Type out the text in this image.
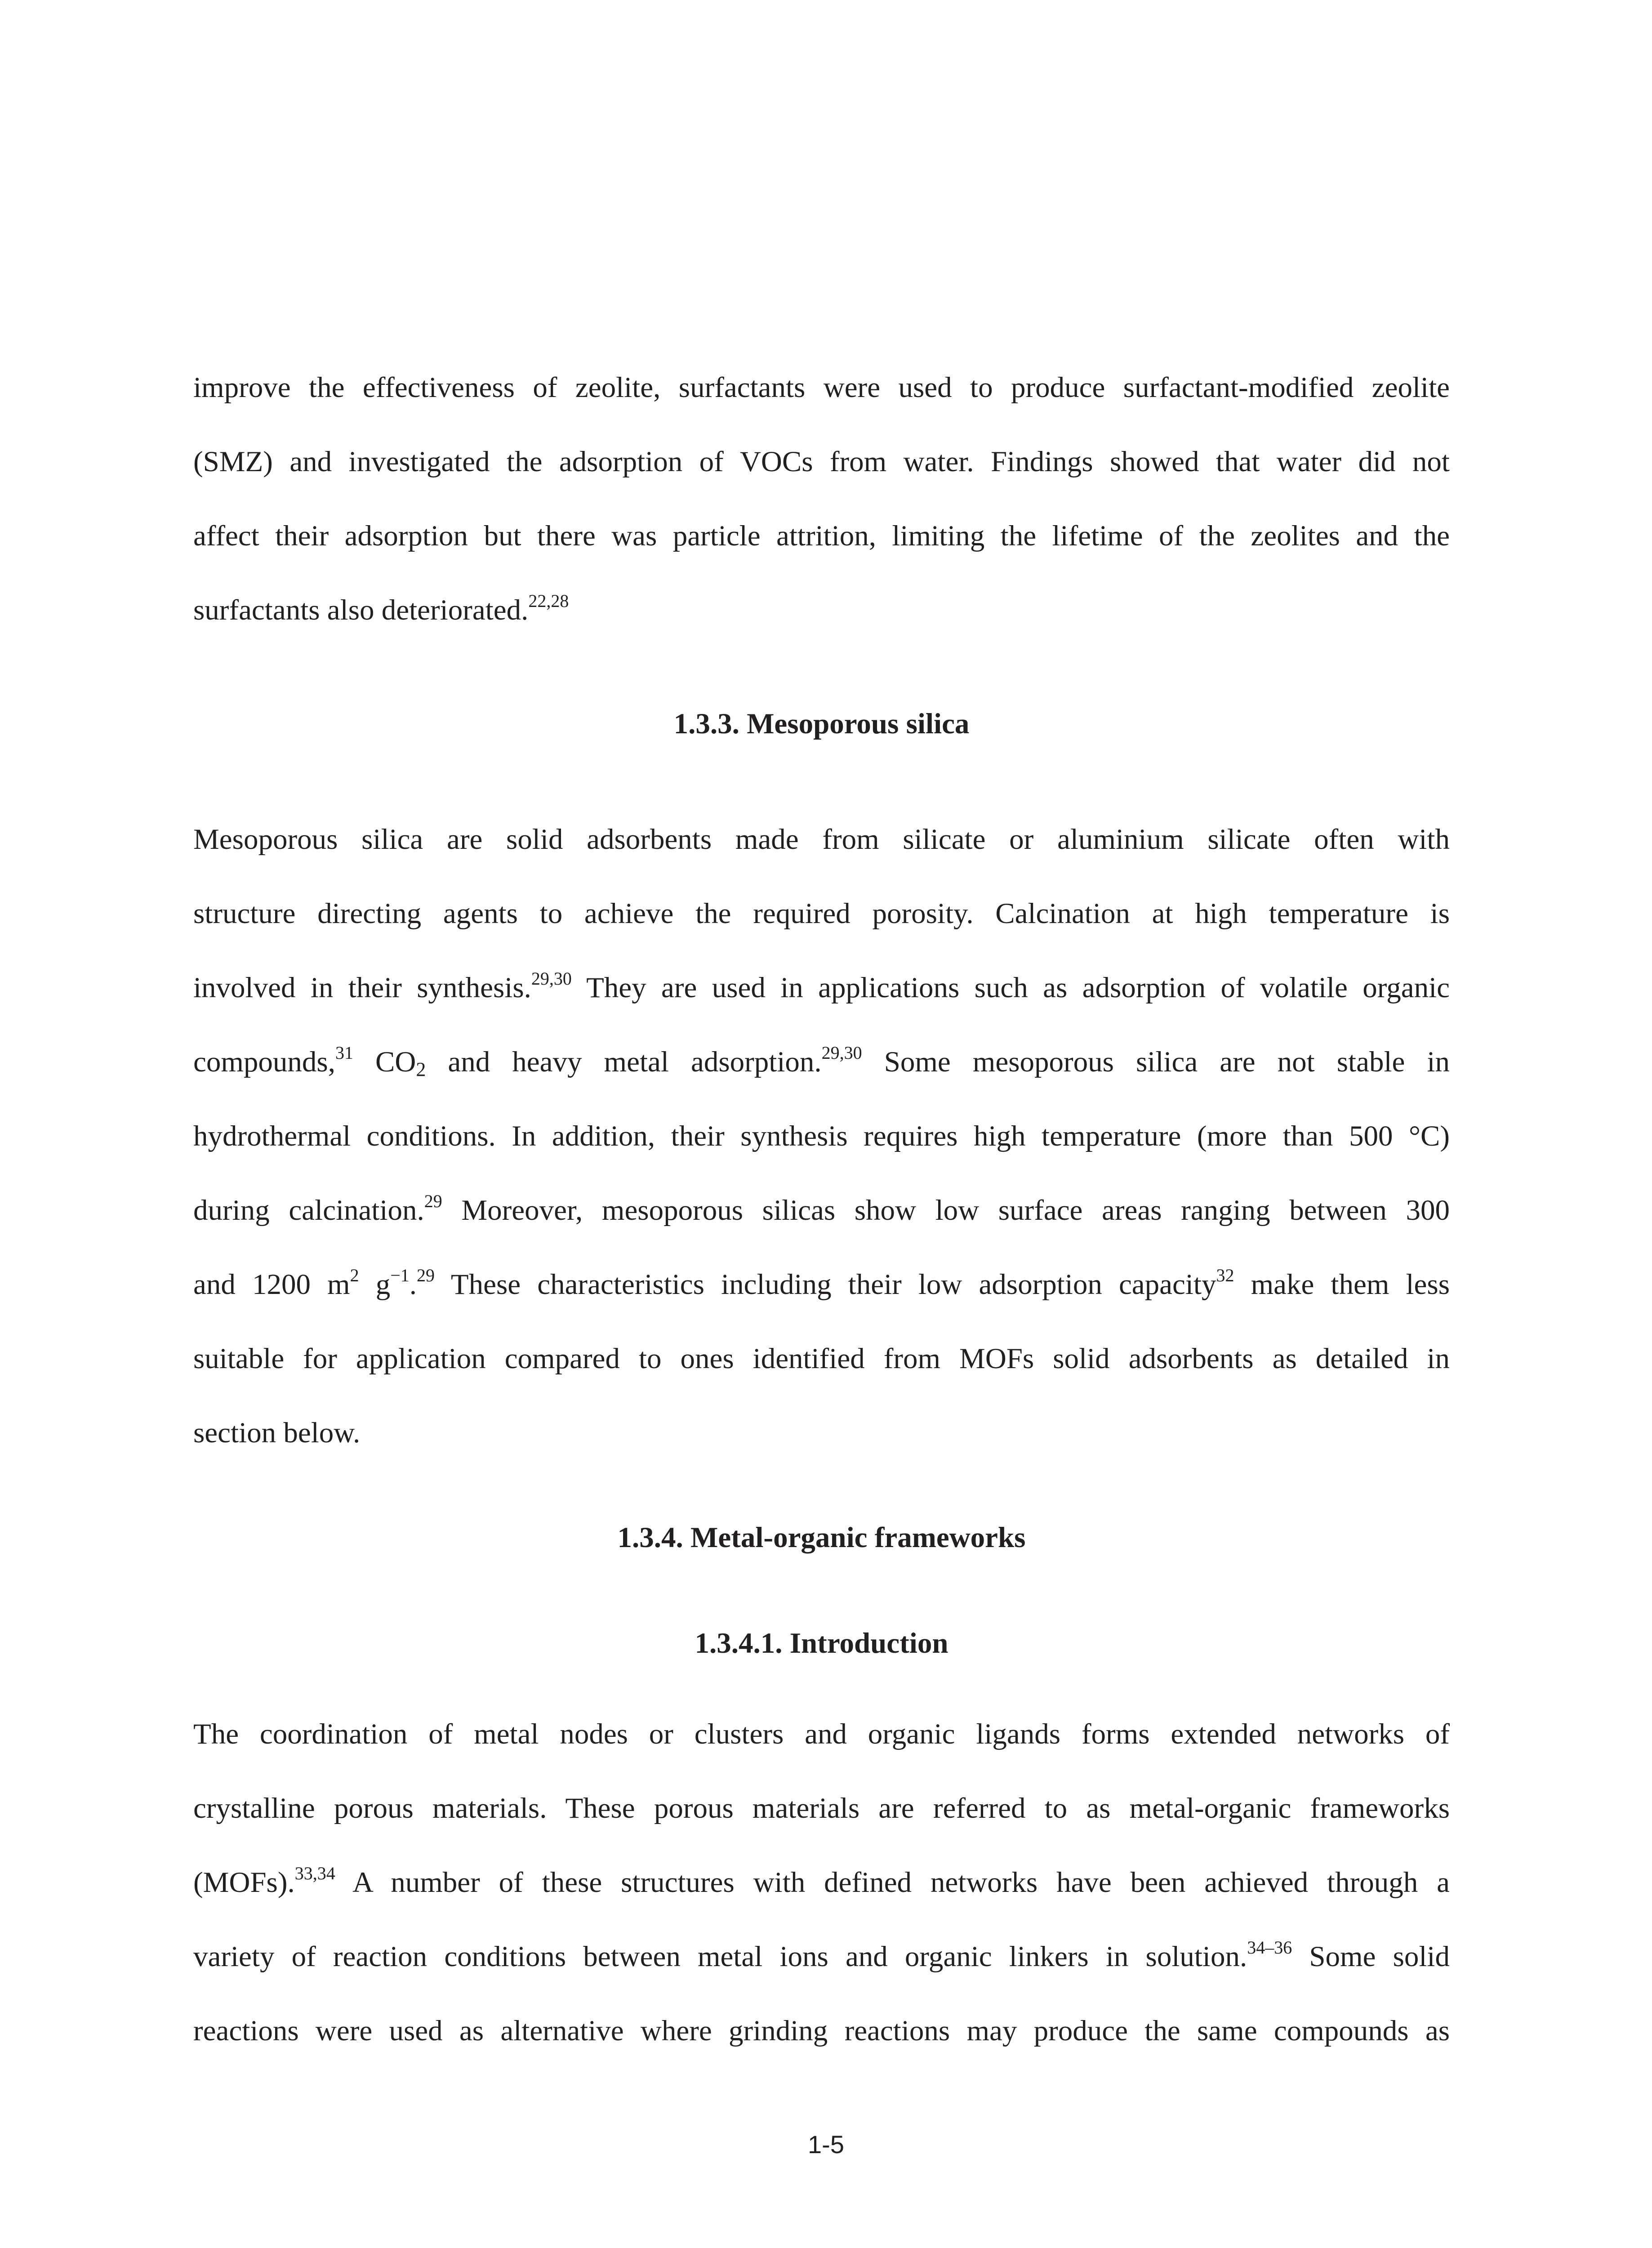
improve the effectiveness of zeolite, surfactants were used to produce surfactant-modified zeolite
(SMZ) and investigated the adsorption of VOCs from water. Findings showed that water did not
affect their adsorption but there was particle attrition, limiting the lifetime of the zeolites and the
surfactants also deteriorated.$^{22,28}$
1.3.3. Mesoporous silica
Mesoporous silica are solid adsorbents made from silicate or aluminium silicate often with
structure directing agents to achieve the required porosity. Calcination at high temperature is
involved in their synthesis.$^{29,30}$ They are used in applications such as adsorption of volatile organic
compounds,$^{31}$ $CO_2$ and heavy metal adsorption.$^{29,30}$ Some mesoporous silica are not stable in
hydrothermal conditions. In addition, their synthesis requires high temperature (more than 500 °C)
during calcination.$^{29}$ Moreover, mesoporous silicas show low surface areas ranging between 300
and 1200 $m^2$ $g^{-1}.^{29}$ These characteristics including their low adsorption capacity$^{32}$ make them less
suitable for application compared to ones identified from MOFs solid adsorbents as detailed in
section below.
1.3.4. Metal-organic frameworks
1.3.4.1. Introduction
The coordination of metal nodes or clusters and organic ligands forms extended networks of
crystalline porous materials. These porous materials are referred to as metal-organic frameworks
(MOFs).$^{33,34}$ A number of these structures with defined networks have been achieved through a
variety of reaction conditions between metal ions and organic linkers in solution.$^{34-36}$ Some solid
reactions were used as alternative where grinding reactions may produce the same compounds as
1-5
